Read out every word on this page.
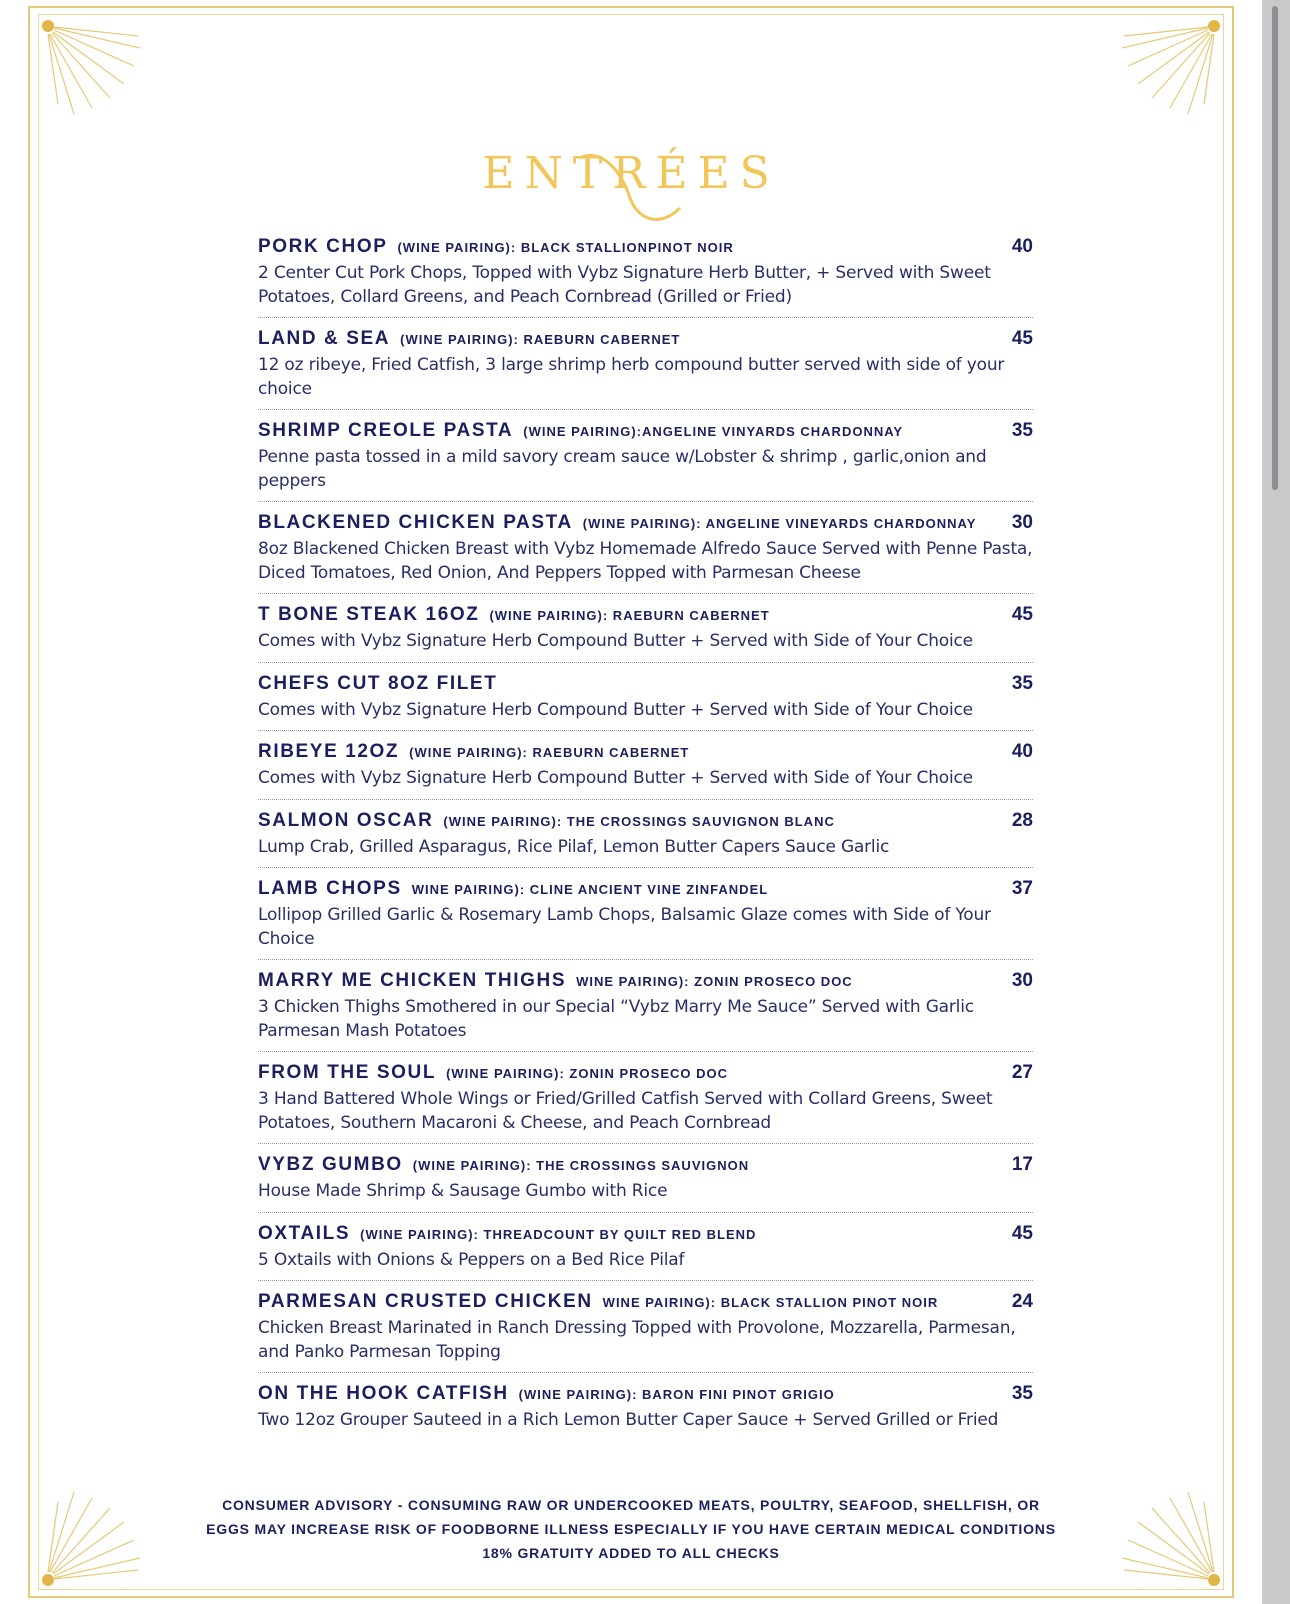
ENTRÉES
PORK CHOP (WINE PAIRING): BLACK STALLIONPINOT NOIR	40
2 Center Cut Pork Chops, Topped with Vybz Signature Herb Butter, + Served with Sweet Potatoes, Collard Greens, and Peach Cornbread (Grilled or Fried)
LAND & SEA (WINE PAIRING): RAEBURN CABERNET	45
12 oz ribeye, Fried Catfish, 3 large shrimp herb compound butter served with side of your choice
SHRIMP CREOLE PASTA (WINE PAIRING):ANGELINE VINYARDS CHARDONNAY	35
Penne pasta tossed in a mild savory cream sauce w/Lobster & shrimp , garlic,onion and peppers
BLACKENED CHICKEN PASTA (WINE PAIRING): ANGELINE VINEYARDS CHARDONNAY 30
8oz Blackened Chicken Breast with Vybz Homemade Alfredo Sauce Served with Penne Pasta, Diced Tomatoes, Red Onion, And Peppers Topped with Parmesan Cheese
T BONE STEAK 16OZ (WINE PAIRING): RAEBURN CABERNET	45
Comes with Vybz Signature Herb Compound Butter + Served with Side of Your Choice
CHEFS CUT 8OZ FILET	35
Comes with Vybz Signature Herb Compound Butter + Served with Side of Your Choice
RIBEYE 12OZ (WINE PAIRING): RAEBURN CABERNET	40
Comes with Vybz Signature Herb Compound Butter + Served with Side of Your Choice
SALMON OSCAR (WINE PAIRING): THE CROSSINGS SAUVIGNON BLANC	28
Lump Crab, Grilled Asparagus, Rice Pilaf, Lemon Butter Capers Sauce Garlic
LAMB CHOPS WINE PAIRING): CLINE ANCIENT VINE ZINFANDEL	37
Lollipop Grilled Garlic & Rosemary Lamb Chops, Balsamic Glaze comes with Side of Your Choice
MARRY ME CHICKEN THIGHS WINE PAIRING): ZONIN PROSECO DOC	30
3 Chicken Thighs Smothered in our Special “Vybz Marry Me Sauce” Served with Garlic Parmesan Mash Potatoes
FROM THE SOUL (WINE PAIRING): ZONIN PROSECO DOC	27
3 Hand Battered Whole Wings or Fried/Grilled Catfish Served with Collard Greens, Sweet Potatoes, Southern Macaroni & Cheese, and Peach Cornbread
VYBZ GUMBO (WINE PAIRING): THE CROSSINGS SAUVIGNON	17
House Made Shrimp & Sausage Gumbo with Rice
OXTAILS (WINE PAIRING): THREADCOUNT BY QUILT RED BLEND	45
5 Oxtails with Onions & Peppers on a Bed Rice Pilaf
PARMESAN CRUSTED CHICKEN WINE PAIRING): BLACK STALLION PINOT NOIR	24
Chicken Breast Marinated in Ranch Dressing Topped with Provolone, Mozzarella, Parmesan, and Panko Parmesan Topping
ON THE HOOK CATFISH (WINE PAIRING): BARON FINI PINOT GRIGIO	35
Two 12oz Grouper Sauteed in a Rich Lemon Butter Caper Sauce + Served Grilled or Fried
CONSUMER ADVISORY - CONSUMING RAW OR UNDERCOOKED MEATS, POULTRY, SEAFOOD, SHELLFISH, OR
EGGS MAY INCREASE RISK OF FOODBORNE ILLNESS ESPECIALLY IF YOU HAVE CERTAIN MEDICAL CONDITIONS
18% GRATUITY ADDED TO ALL CHECKS
